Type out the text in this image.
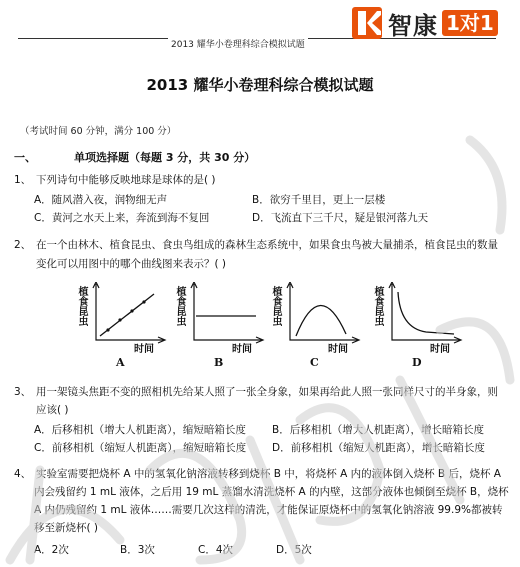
2013 耀华小卷理科综合模拟试题
智康 1对1
2013 耀华小卷理科综合模拟试题
（考试时间 60 分钟，满分 100 分）
一、	单项选择题（每题 3 分，共 30 分）
1、 下列诗句中能够反映地球是球体的是( )
A．随风潜入夜，润物细无声	B．欲穷千里目，更上一层楼
C．黄河之水天上来，奔流到海不复回	D．飞流直下三千尺，疑是银河落九天
2、 在一个由林木、植食昆虫、食虫鸟组成的森林生态系统中，如果食虫鸟被大量捕杀，植食昆虫的数量
变化可以用图中的哪个曲线图来表示？( )
植食昆虫
时间
A
植食昆虫
时间
B
植食昆虫
时间
C
植食昆虫
时间
D
3、 用一架镜头焦距不变的照相机先给某人照了一张全身象，如果再给此人照一张同样尺寸的半身象，则
应该( )
A．后移相机（增大人机距离），缩短暗箱长度 B．后移相机（增大人机距离），增长暗箱长度
C．前移相机（缩短人机距离），缩短暗箱长度 D．前移相机（缩短人机距离），增长暗箱长度
4、 实验室需要把烧杯 A 中的氢氧化钠溶液转移到烧杯 B 中，将烧杯 A 内的液体倒入烧杯 B 后，烧杯 A
内会残留约 1 mL 液体，之后用 19 mL 蒸馏水清洗烧杯 A 的内壁，这部分液体也倾倒至烧杯 B，烧杯
A 内仍残留约 1 mL 液体……需要几次这样的清洗，才能保证原烧杯中的氢氧化钠溶液 99.9%都被转
移至新烧杯( )
A．2次	B．3次	C．4次	D．5次
